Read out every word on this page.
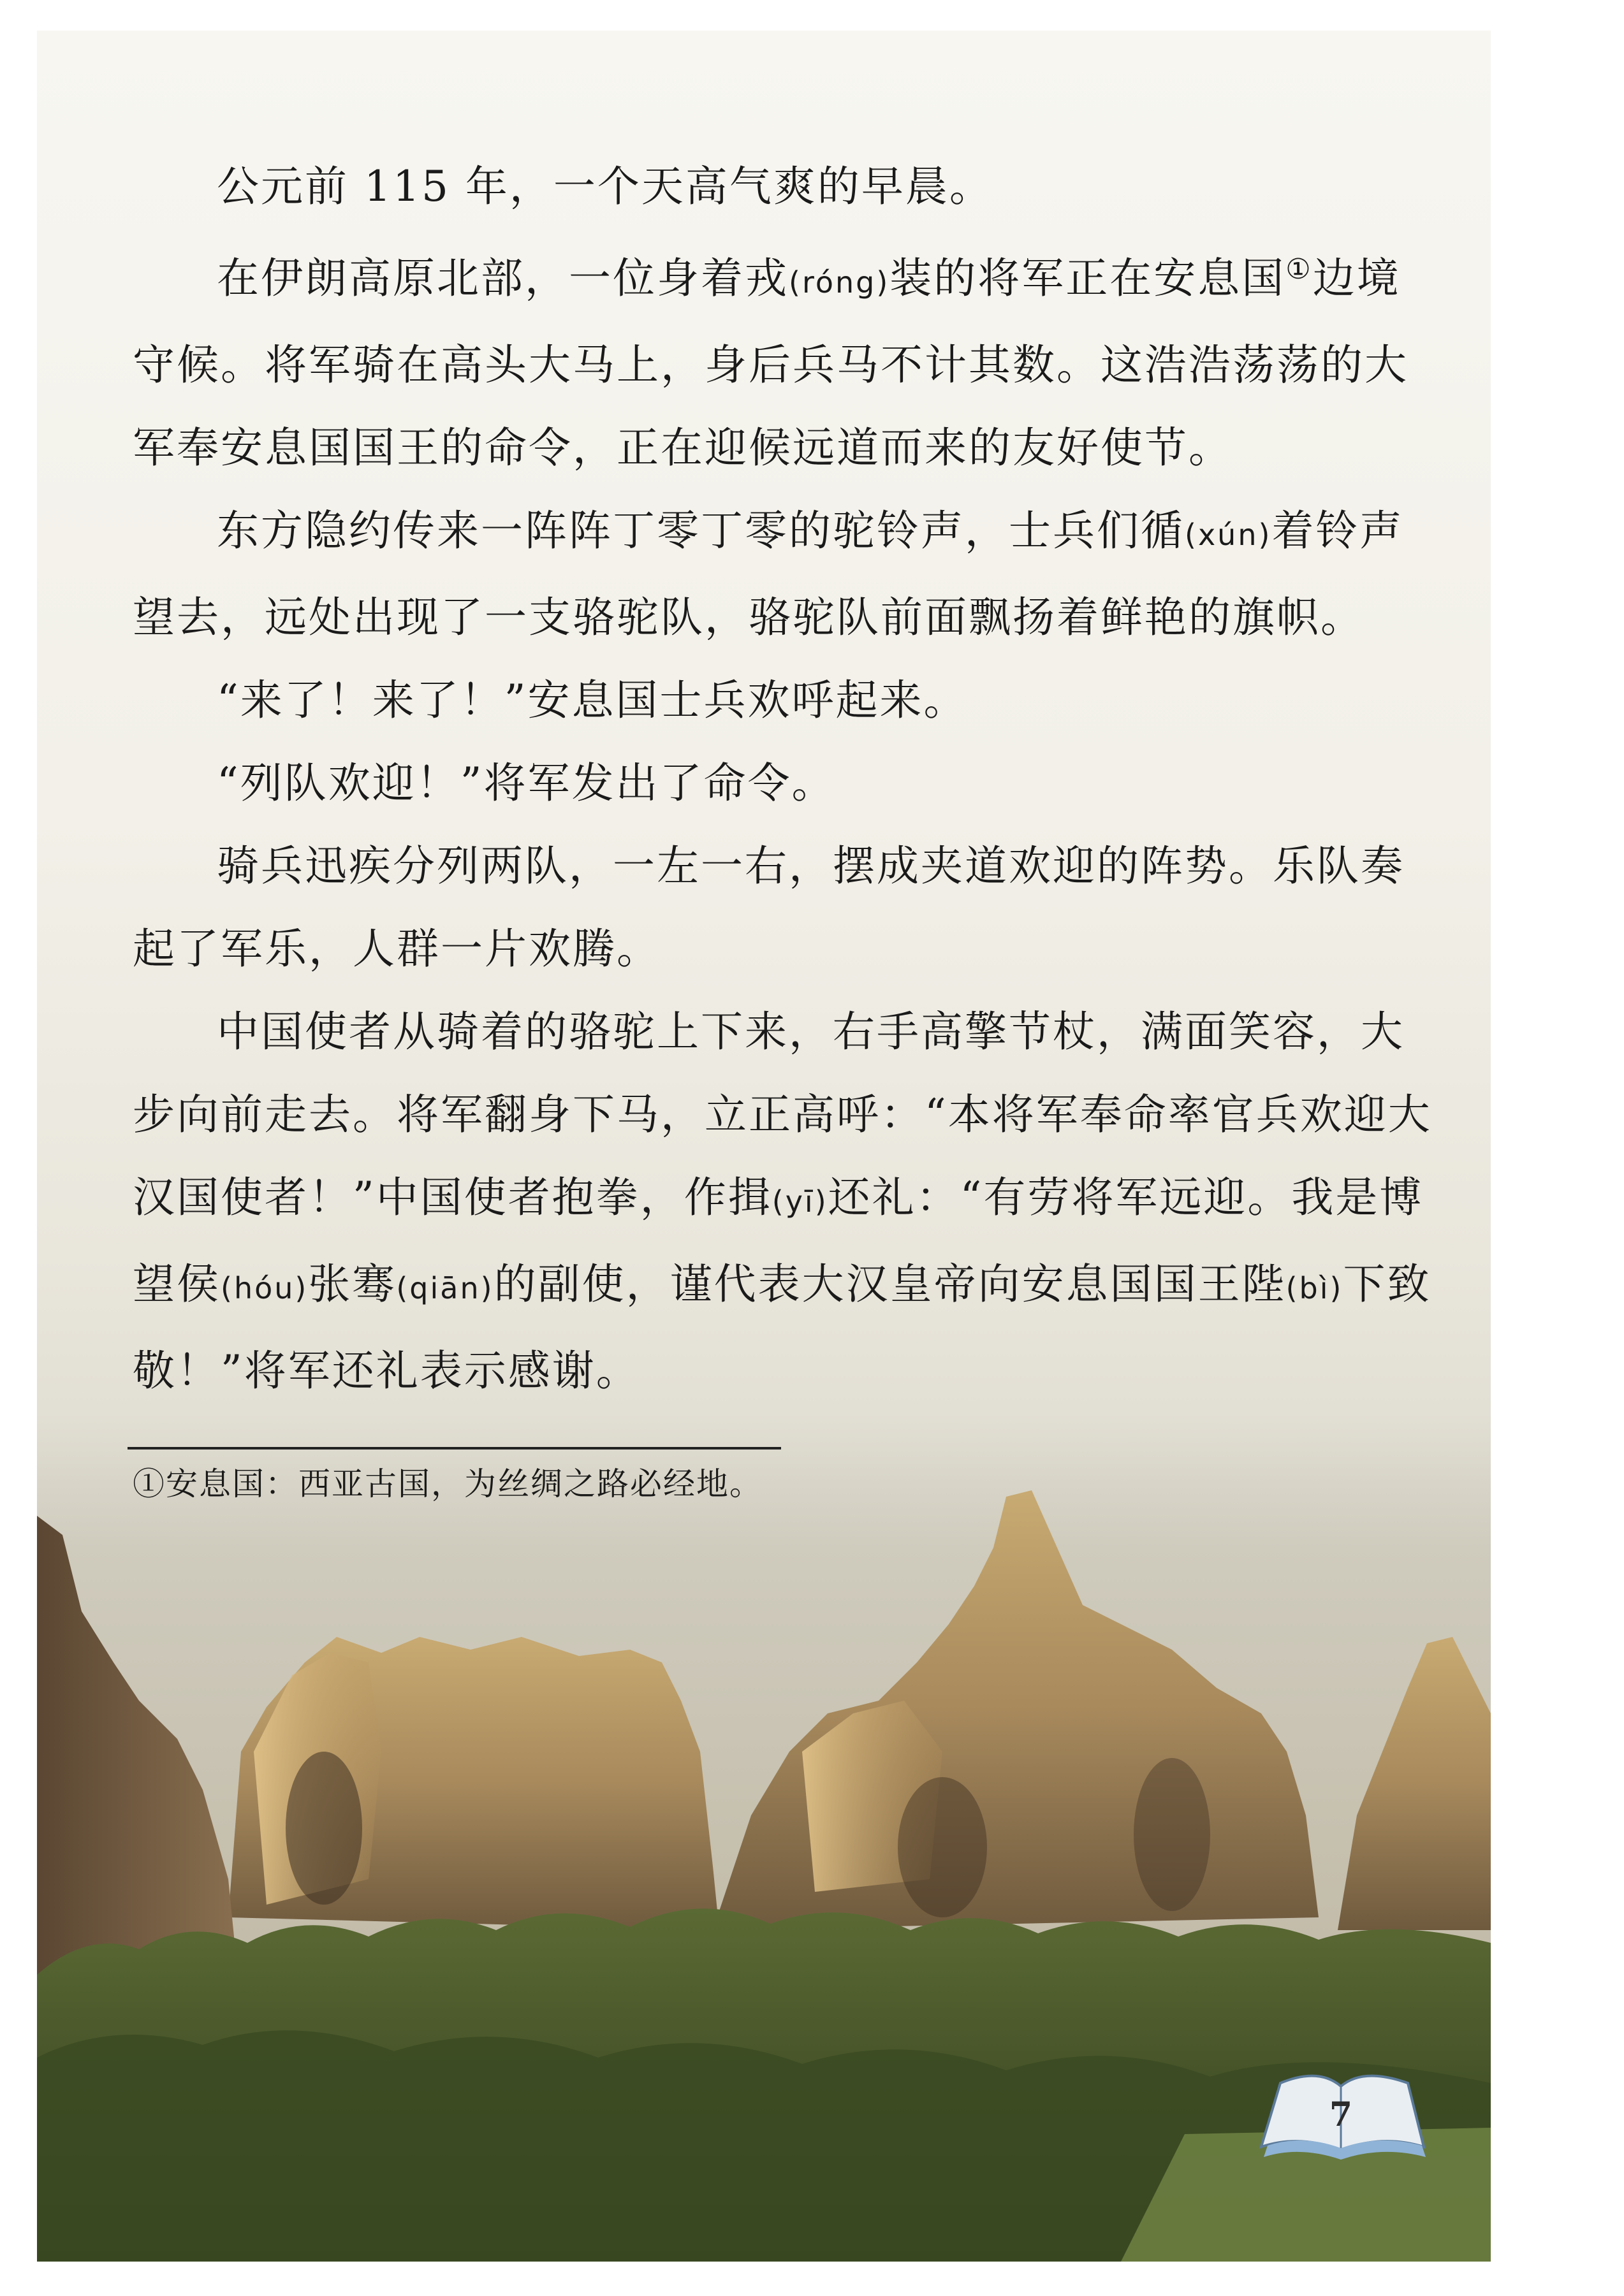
公元前 115 年，一个天高气爽的早晨。

在伊朗高原北部，一位身着戎(róng)装的将军正在安息国①边境守候。将军骑在高头大马上，身后兵马不计其数。这浩浩荡荡的大军奉安息国国王的命令，正在迎候远道而来的友好使节。

东方隐约传来一阵阵丁零丁零的驼铃声，士兵们循(xún)着铃声望去，远处出现了一支骆驼队，骆驼队前面飘扬着鲜艳的旗帜。

“来了！来了！”安息国士兵欢呼起来。

“列队欢迎！”将军发出了命令。

骑兵迅疾分列两队，一左一右，摆成夹道欢迎的阵势。乐队奏起了军乐，人群一片欢腾。

中国使者从骑着的骆驼上下来，右手高擎节杖，满面笑容，大步向前走去。将军翻身下马，立正高呼：“本将军奉命率官兵欢迎大汉国使者！”中国使者抱拳，作揖(yī)还礼：“有劳将军远迎。我是博望侯(hóu)张骞(qiān)的副使，谨代表大汉皇帝向安息国国王陛(bì)下致敬！”将军还礼表示感谢。

①安息国：西亚古国，为丝绸之路必经地。
7
